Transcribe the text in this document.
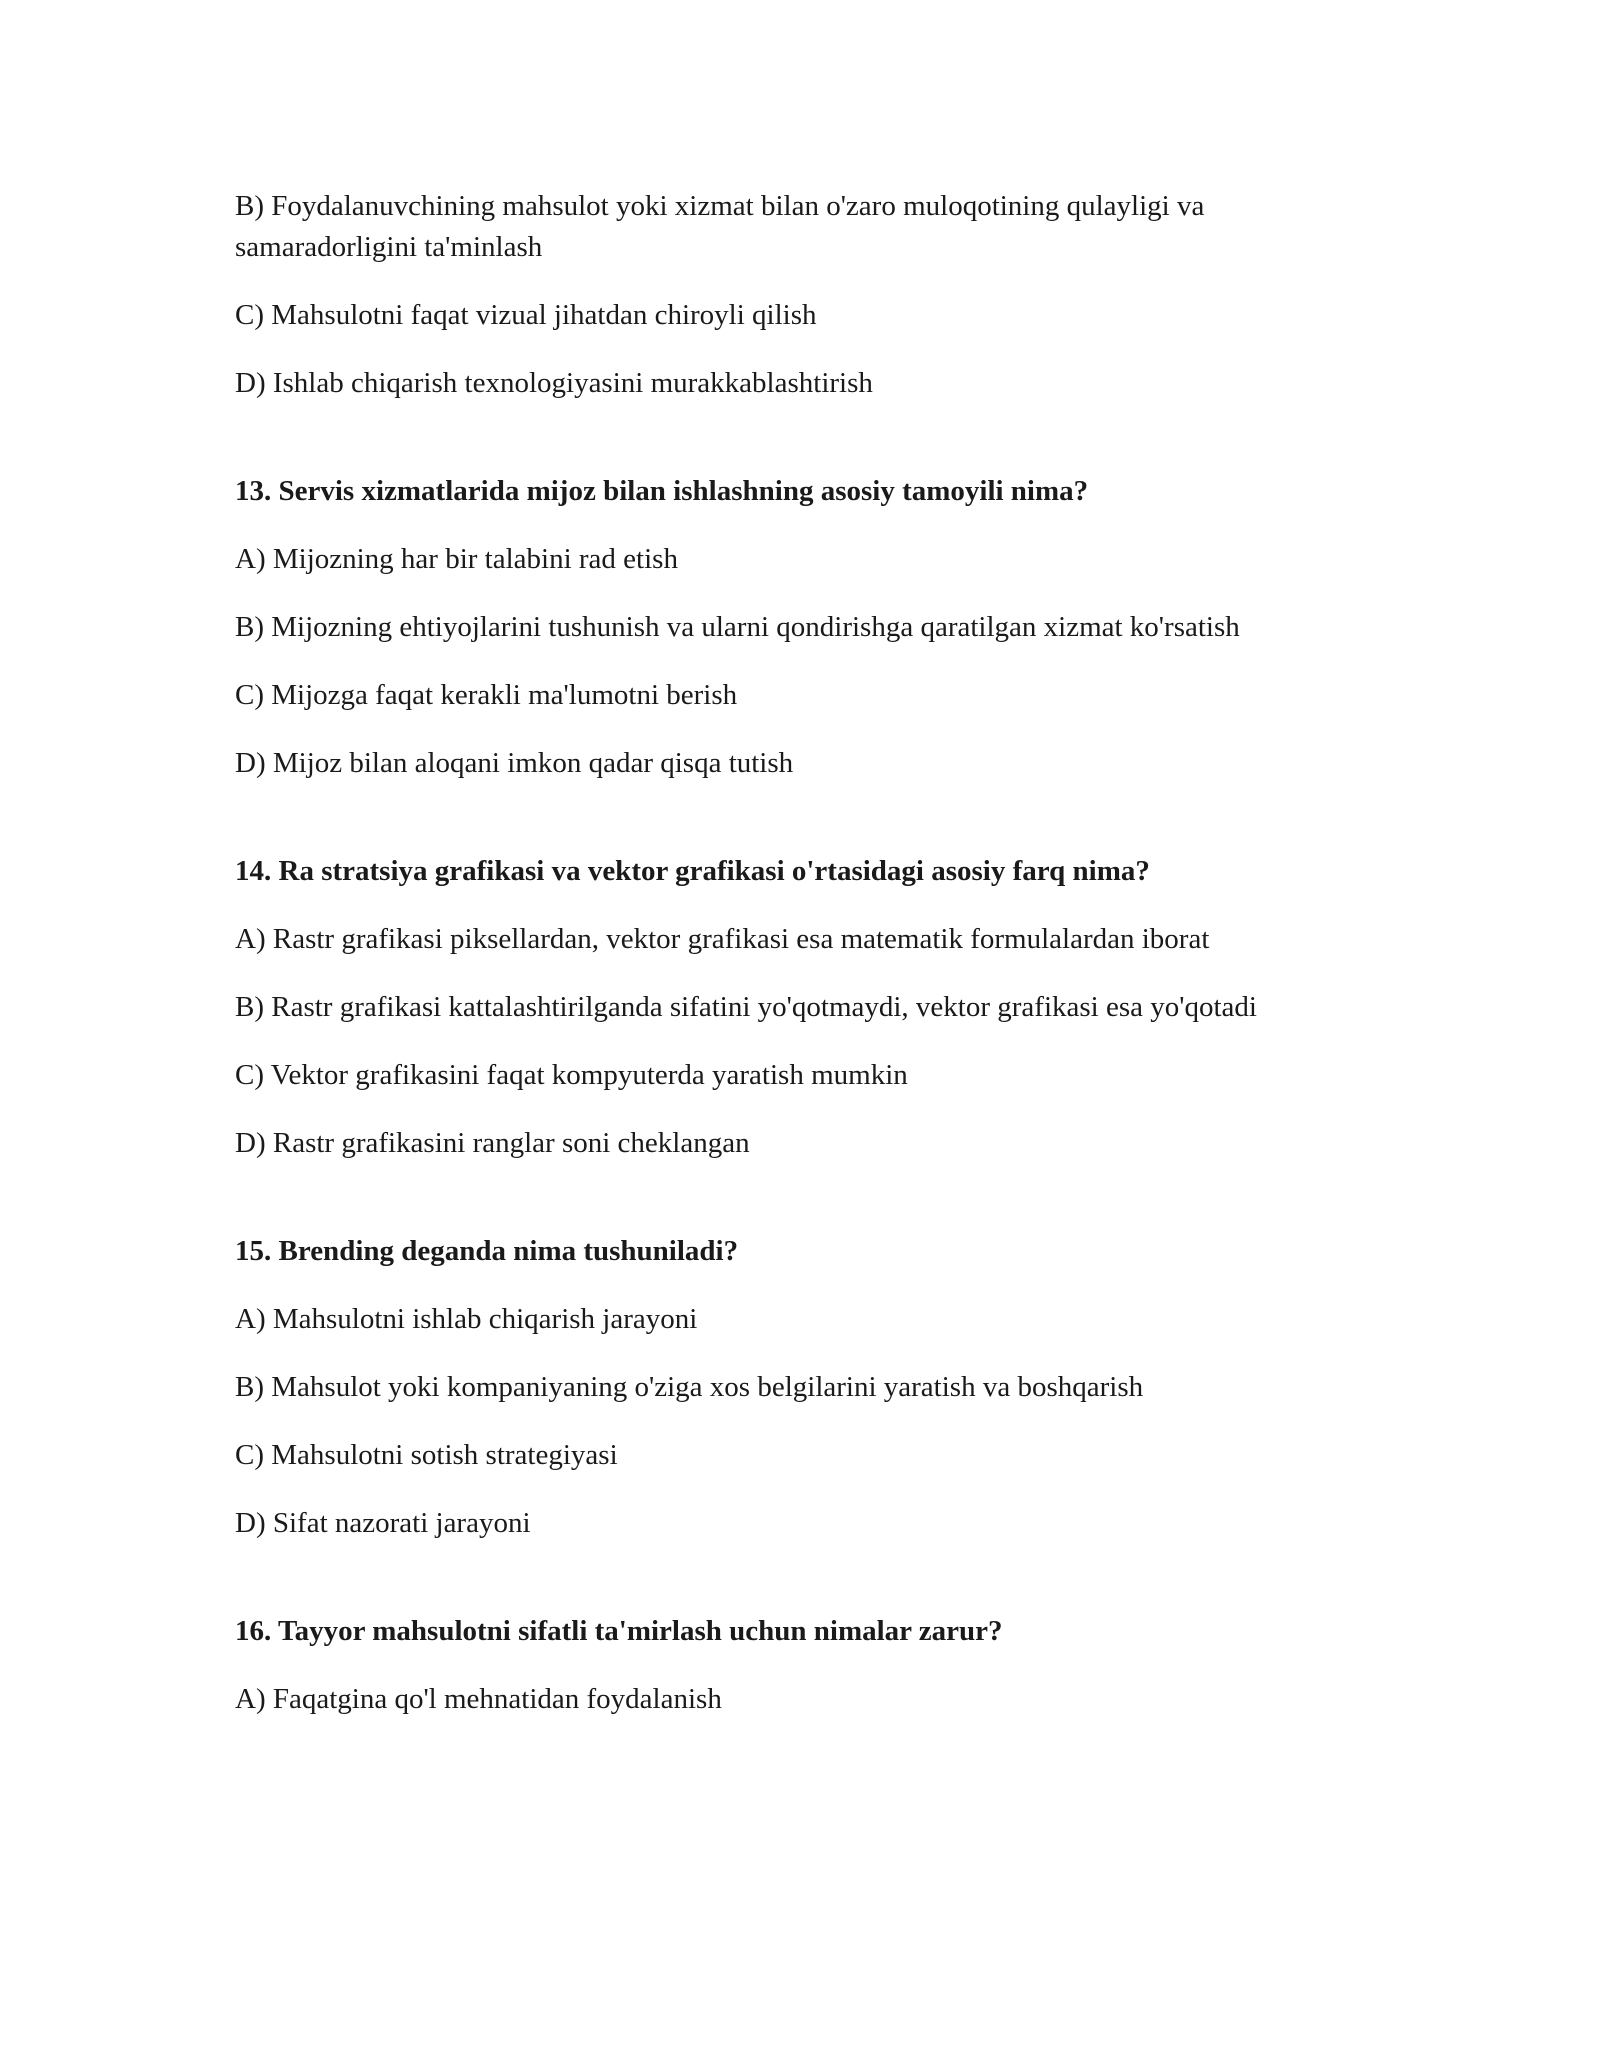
B) Foydalanuvchining mahsulot yoki xizmat bilan o'zaro muloqotining qulayligi va

samaradorligini ta'minlash

C) Mahsulotni faqat vizual jihatdan chiroyli qilish

D) Ishlab chiqarish texnologiyasini murakkablashtirish

13. Servis xizmatlarida mijoz bilan ishlashning asosiy tamoyili nima?

A) Mijozning har bir talabini rad etish

B) Mijozning ehtiyojlarini tushunish va ularni qondirishga qaratilgan xizmat ko'rsatish

C) Mijozga faqat kerakli ma'lumotni berish

D) Mijoz bilan aloqani imkon qadar qisqa tutish

14. Ra stratsiya grafikasi va vektor grafikasi o'rtasidagi asosiy farq nima?

A) Rastr grafikasi piksellardan, vektor grafikasi esa matematik formulalardan iborat

B) Rastr grafikasi kattalashtirilganda sifatini yo'qotmaydi, vektor grafikasi esa yo'qotadi

C) Vektor grafikasini faqat kompyuterda yaratish mumkin

D) Rastr grafikasini ranglar soni cheklangan

15. Brending deganda nima tushuniladi?

A) Mahsulotni ishlab chiqarish jarayoni

B) Mahsulot yoki kompaniyaning o'ziga xos belgilarini yaratish va boshqarish

C) Mahsulotni sotish strategiyasi

D) Sifat nazorati jarayoni

16. Tayyor mahsulotni sifatli ta'mirlash uchun nimalar zarur?

A) Faqatgina qo'l mehnatidan foydalanish
